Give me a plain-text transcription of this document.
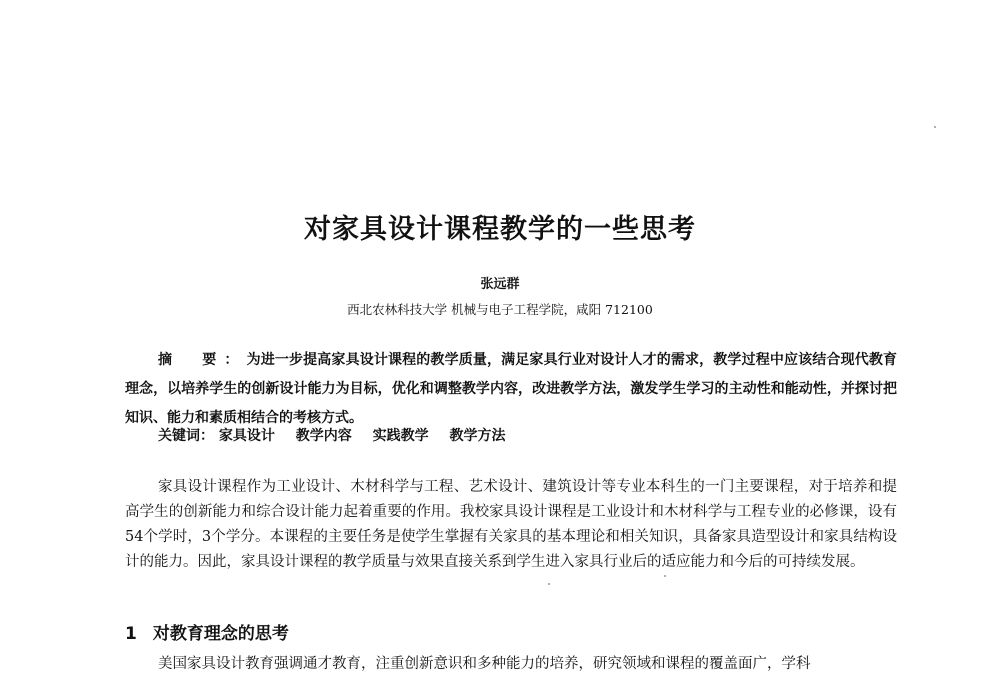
对家具设计课程教学的一些思考
张远群
西北农林科技大学 机械与电子工程学院，咸阳 712100
摘　要：为进一步提高家具设计课程的教学质量，满足家具行业对设计人才的需求，教学过程中应该结合现代教育理念，以培养学生的创新设计能力为目标，优化和调整教学内容，改进教学方法，激发学生学习的主动性和能动性，并探讨把知识、能力和素质相结合的考核方式。
关键词： 家具设计 教学内容 实践教学 教学方法

家具设计课程作为工业设计、木材科学与工程、艺术设计、建筑设计等专业本科生的一门主要课程，对于培养和提高学生的创新能力和综合设计能力起着重要的作用。我校家具设计课程是工业设计和木材科学与工程专业的必修课，设有54个学时，3个学分。本课程的主要任务是使学生掌握有关家具的基本理论和相关知识，具备家具造型设计和家具结构设计的能力。因此，家具设计课程的教学质量与效果直接关系到学生进入家具行业后的适应能力和今后的可持续发展。

1 对教育理念的思考
美国家具设计教育强调通才教育，注重创新意识和多种能力的培养，研究领域和课程的覆盖面广，学科
